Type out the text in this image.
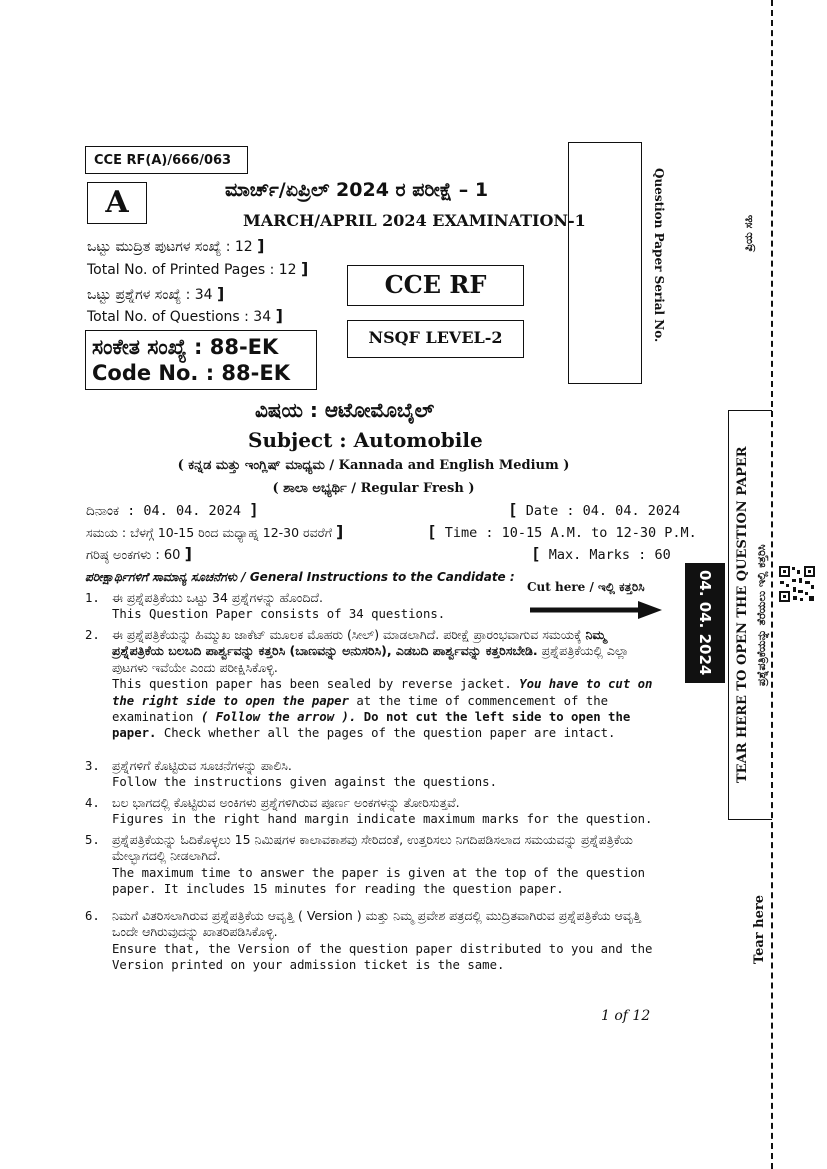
CCE RF(A)/666/063
A	ಮಾರ್ಚ್/ಏಪ್ರಿಲ್ 2024 ರ ಪರೀಕ್ಷೆ – 1
MARCH/APRIL 2024 EXAMINATION-1
ಒಟ್ಟು ಮುದ್ರಿತ ಪುಟಗಳ ಸಂಖ್ಯೆ : 12 ]
Total No. of Printed Pages : 12 ]
ಒಟ್ಟು ಪ್ರಶ್ನೆಗಳ ಸಂಖ್ಯೆ : 34 ]
Total No. of Questions : 34 ]
CCE RF
NSQF LEVEL-2
ಸಂಕೇತ ಸಂಖ್ಯೆ : 88-EK
Code No. : 88-EK
Question Paper Serial No.
ವಿಷಯ : ಆಟೋಮೊಬೈಲ್
Subject : Automobile
( ಕನ್ನಡ ಮತ್ತು ಇಂಗ್ಲಿಷ್ ಮಾಧ್ಯಮ / Kannada and English Medium )
( ಶಾಲಾ ಅಭ್ಯರ್ಥಿ / Regular Fresh )
ದಿನಾಂಕ : 04. 04. 2024 ]	[ Date : 04. 04. 2024
ಸಮಯ : ಬೆಳಗ್ಗೆ 10-15 ರಿಂದ ಮಧ್ಯಾಹ್ನ 12-30 ರವರೆಗೆ ]	[ Time : 10-15 A.M. to 12-30 P.M.
ಗರಿಷ್ಠ ಅಂಕಗಳು : 60 ]	[ Max. Marks : 60
ಪರೀಕ್ಷಾರ್ಥಿಗಳಿಗೆ ಸಾಮಾನ್ಯ ಸೂಚನೆಗಳು / General Instructions to the Candidate :
Cut here / ಇಲ್ಲಿ ಕತ್ತರಿಸಿ
1. ಈ ಪ್ರಶ್ನೆಪತ್ರಿಕೆಯು ಒಟ್ಟು 34 ಪ್ರಶ್ನೆಗಳನ್ನು ಹೊಂದಿದೆ.
This Question Paper consists of 34 questions.
2. ಈ ಪ್ರಶ್ನೆಪತ್ರಿಕೆಯನ್ನು ಹಿಮ್ಮುಖ ಜಾಕೆಟ್ ಮೂಲಕ ಮೊಹರು (ಸೀಲ್) ಮಾಡಲಾಗಿದೆ. ಪರೀಕ್ಷೆ ಪ್ರಾರಂಭವಾಗುವ ಸಮಯಕ್ಕೆ ನಿಮ್ಮ ಪ್ರಶ್ನೆಪತ್ರಿಕೆಯ ಬಲಬದಿ ಪಾರ್ಶ್ವವನ್ನು ಕತ್ತರಿಸಿ (ಬಾಣವನ್ನು ಅನುಸರಿಸಿ), ಎಡಬದಿ ಪಾರ್ಶ್ವವನ್ನು ಕತ್ತರಿಸಬೇಡಿ. ಪ್ರಶ್ನೆಪತ್ರಿಕೆಯಲ್ಲಿ ಎಲ್ಲಾ ಪುಟಗಳು ಇವೆಯೇ ಎಂದು ಪರೀಕ್ಷಿಸಿಕೊಳ್ಳಿ.
This question paper has been sealed by reverse jacket. You have to cut on the right side to open the paper at the time of commencement of the examination ( Follow the arrow ). Do not cut the left side to open the paper. Check whether all the pages of the question paper are intact.
3. ಪ್ರಶ್ನೆಗಳಿಗೆ ಕೊಟ್ಟಿರುವ ಸೂಚನೆಗಳನ್ನು ಪಾಲಿಸಿ.
Follow the instructions given against the questions.
4. ಬಲ ಭಾಗದಲ್ಲಿ ಕೊಟ್ಟಿರುವ ಅಂಕಿಗಳು ಪ್ರಶ್ನೆಗಳಿಗಿರುವ ಪೂರ್ಣ ಅಂಕಗಳನ್ನು ತೋರಿಸುತ್ತವೆ.
Figures in the right hand margin indicate maximum marks for the question.
5. ಪ್ರಶ್ನೆಪತ್ರಿಕೆಯನ್ನು ಓದಿಕೊಳ್ಳಲು 15 ನಿಮಿಷಗಳ ಕಾಲಾವಕಾಶವು ಸೇರಿದಂತೆ, ಉತ್ತರಿಸಲು ನಿಗದಿಪಡಿಸಲಾದ ಸಮಯವನ್ನು ಪ್ರಶ್ನೆಪತ್ರಿಕೆಯ ಮೇಲ್ಭಾಗದಲ್ಲಿ ನೀಡಲಾಗಿದೆ.
The maximum time to answer the paper is given at the top of the question paper. It includes 15 minutes for reading the question paper.
6. ನಿಮಗೆ ವಿತರಿಸಲಾಗಿರುವ ಪ್ರಶ್ನೆಪತ್ರಿಕೆಯ ಆವೃತ್ತಿ ( Version ) ಮತ್ತು ನಿಮ್ಮ ಪ್ರವೇಶ ಪತ್ರದಲ್ಲಿ ಮುದ್ರಿತವಾಗಿರುವ ಪ್ರಶ್ನೆಪತ್ರಿಕೆಯ ಆವೃತ್ತಿ ಒಂದೇ ಆಗಿರುವುದನ್ನು ಖಾತರಿಪಡಿಸಿಕೊಳ್ಳಿ.
Ensure that, the Version of the question paper distributed to you and the Version printed on your admission ticket is the same.
1 of 12
ಪ್ರಿಯ ಸಹಿ
TEAR HERE TO OPEN THE QUESTION PAPER ಪ್ರಶ್ನೆಪತ್ರಿಕೆಯನ್ನು ತೆರೆಯಲು ಇಲ್ಲಿ ಕತ್ತರಿಸಿ
04. 04. 2024
Tear here
